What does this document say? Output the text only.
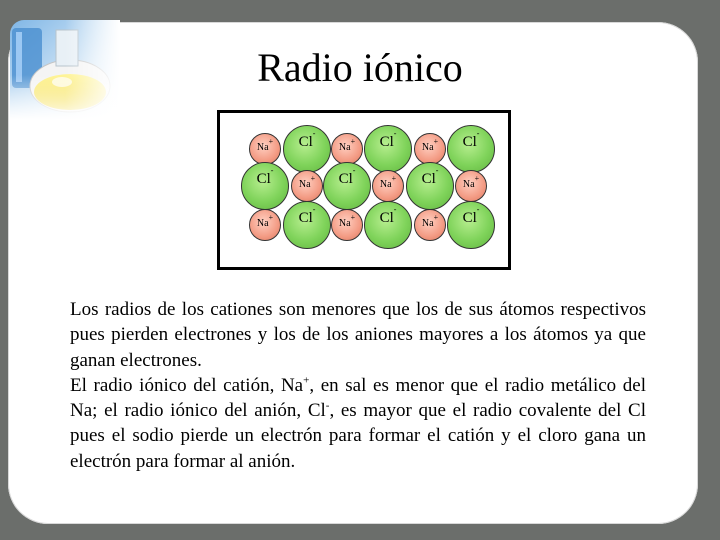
Radio iónico
Na
+ Cl
-
Na
+ Cl
-
Na
+ Cl
-
Cl
-
Na
+ Cl
-
Na
+ Cl
-
Na
+
Na
+ Cl
-
Na
+ Cl
-
Na
+ Cl
-

Los radios de los cationes son menores que los de sus átomos respectivos pues pierden electrones y los de los aniones mayores a los átomos ya que ganan electrones.

El radio iónico del catión, Na+, en sal es menor que el radio metálico del Na; el radio iónico del anión, Cl-, es mayor que el radio covalente del Cl pues el sodio pierde un electrón para formar el catión y el cloro gana un electrón para formar al anión.
